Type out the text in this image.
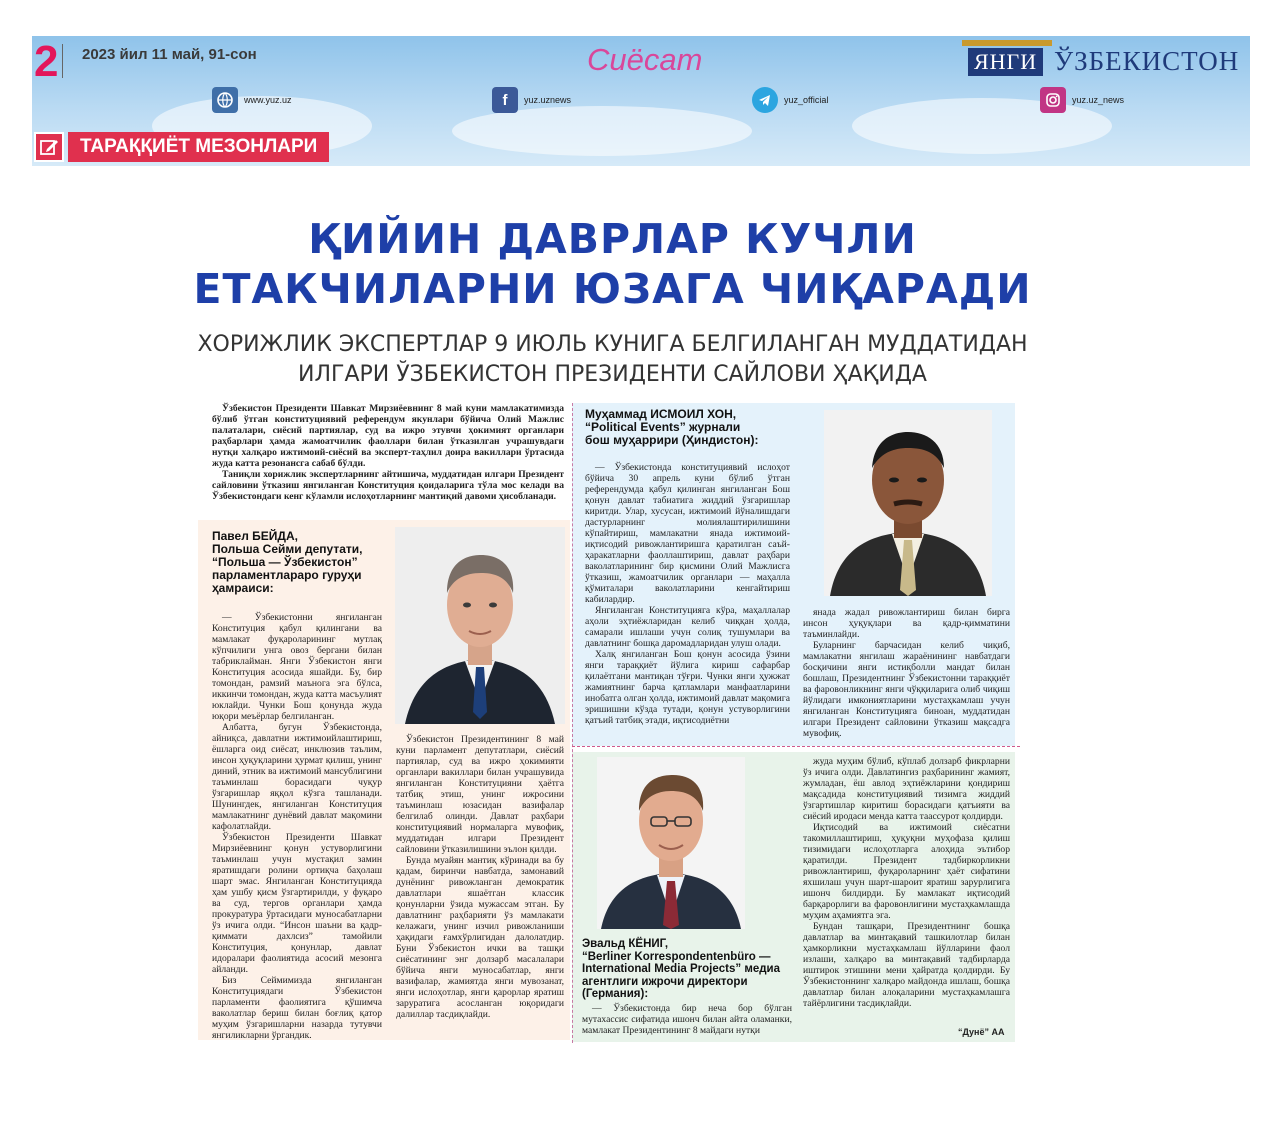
2 2023 йил 11 май, 91-сон	Сиёсат	ЯНГИ ЎЗБЕКИСТОН
www.yuz.uz	f	yuz.uznews	yuz_official	yuz.uz_news
ТАРАҚҚИЁТ МЕЗОНЛАРИ
ҚИЙИН ДАВРЛАР КУЧЛИ
ЕТАКЧИЛАРНИ ЮЗАГА ЧИҚАРАДИ
ХОРИЖЛИК ЭКСПЕРТЛАР 9 ИЮЛЬ КУНИГА БЕЛГИЛАНГАН МУДДАТИДАН
ИЛГАРИ ЎЗБЕКИСТОН ПРЕЗИДЕНТИ САЙЛОВИ ҲАҚИДА

Ўзбекистон Президенти Шавкат Мирзиёевнинг 8 май куни мамлакатимизда бўлиб ўтган конституциявий референдум якунлари бўйича Олий Мажлис палаталари, сиёсий партиялар, суд ва ижро этувчи ҳокимият органлари раҳбарлари ҳамда жамоатчилик фаоллари билан ўтказилган учрашувдаги нутқи халқаро ижтимоий-сиёсий ва эксперт-таҳлил доира вакиллари ўртасида жуда катта резонансга сабаб бўлди.

Таниқли хорижлик экспертларнинг айтишича, муддатидан илгари Президент сайловини ўтказиш янгиланган Конституция қоидаларига тўла мос келади ва Ўзбекистондаги кенг кўламли ислоҳотларнинг мантиқий давоми ҳисобланади.

Павел БЕЙДА,
Польша Сейми депутати,
“Польша — Ўзбекистон”
парламентлараро гуруҳи
ҳамраиси:

— Ўзбекистонни янгиланган Конституция қабул қилингани ва мамлакат фуқароларининг мутлақ кўпчилиги унга овоз бергани билан табриклайман. Янги Ўзбекистон янги Конституция асосида яшайди. Бу, бир томондан, рамзий маънога эга бўлса, иккинчи томондан, жуда катта масъулият юклайди. Чунки Бош қонунда жуда юқори меъёрлар белгиланган.

Албатта, бугун Ўзбекистонда, айниқса, давлатни ижтимоийлаштириш, ёшларга оид сиёсат, инклюзив таълим, инсон ҳуқуқларини ҳурмат қилиш, унинг диний, этник ва ижтимоий мансублигини таъминлаш борасидаги чуқур ўзгаришлар яққол кўзга ташланади. Шунингдек, янгиланган Конституция мамлакатнинг дунёвий давлат мақомини кафолатлайди.

Ўзбекистон Президенти Шавкат Мирзиёевнинг қонун устуворлигини таъминлаш учун мустақил замин яратишдаги ролини ортиқча баҳолаш шарт эмас. Янгиланган Конституцияда ҳам ушбу қисм ўзгартирилди, у фуқаро ва суд, тергов органлари ҳамда прокуратура ўртасидаги муносабатларни ўз ичига олди. “Инсон шаъни ва қадр-қиммати дахлсиз” тамойили Конституция, қонунлар, давлат идоралари фаолиятида асосий мезонга айланди.

Биз Сеймимизда янгиланган Конституциядаги Ўзбекистон парламенти фаолиятига қўшимча ваколатлар бериш билан боғлиқ қатор муҳим ўзгаришларни назарда тутувчи янгиликларни ўргандик.

Ўзбекистон Президентининг 8 май куни парламент депутатлари, сиёсий партиялар, суд ва ижро ҳокимияти органлари вакиллари билан учрашувида янгиланган Конституцияни ҳаётга татбиқ этиш, унинг ижросини таъминлаш юзасидан вазифалар белгилаб олинди. Давлат раҳбари конституциявий нормаларга мувофиқ, муддатидан илгари Президент сайловини ўтказилишини эълон қилди.

Бунда муайян мантиқ кўринади ва бу қадам, биринчи навбатда, замонавий дунёнинг ривожланган демократик давлатлари яшаётган классик қонунларни ўзида мужассам этган. Бу давлатнинг раҳбарияти ўз мамлакати келажаги, унинг изчил ривожланиши ҳақидаги ғамхўрлигидан далолатдир. Буни Ўзбекистон ички ва ташқи сиёсатининг энг долзарб масалалари бўйича янги муносабатлар, янги вазифалар, жамиятда янги мувозанат, янги ислоҳотлар, янги қарорлар яратиш заруратига асосланган юқоридаги далиллар тасдиқлайди.

Муҳаммад ИСМОИЛ ХОН,
“Political Events” журнали
бош муҳаррири (Ҳиндистон):

— Ўзбекистонда конституциявий ислоҳот бўйича 30 апрель куни бўлиб ўтган референдумда қабул қилинган янгиланган Бош қонун давлат табиатига жиддий ўзгаришлар киритди. Улар, хусусан, ижтимоий йўналишдаги дастурларнинг молиялаштирилишини кўпайтириш, мамлакатни янада ижтимоий-иқтисодий ривожлантиришга қаратилган саъй-ҳаракатларни фаоллаштириш, давлат раҳбари ваколатларининг бир қисмини Олий Мажлисга ўтказиш, жамоатчилик органлари — маҳалла қўмиталари ваколатларини кенгайтириш кабилардир.

Янгиланган Конституцияга кўра, маҳаллалар аҳоли эҳтиёжларидан келиб чиққан ҳолда, самарали ишлаши учун солиқ тушумлари ва давлатнинг бошқа даромадларидан улуш олади.

Халқ янгиланган Бош қонун асосида ўзини янги тараққиёт йўлига кириш сафарбар қилаётгани мантиқан тўғри. Чунки янги ҳужжат жамиятнинг барча қатламлари манфаатларини инобатга олган ҳолда, ижтимоий давлат мақомига эришишни кўзда тутади, қонун устуворлигини қатъий татбиқ этади, иқтисодиётни

янада жадал ривожлантириш билан бирга инсон ҳуқуқлари ва қадр-қимматини таъминлайди.

Буларнинг барчасидан келиб чиқиб, мамлакатни янгилаш жараёнининг навбатдаги босқичини янги истиқболли мандат билан бошлаш, Президентнинг Ўзбекистонни тараққиёт ва фаровонликнинг янги чўққиларига олиб чиқиш йўлидаги имкониятларини мустаҳкамлаш учун янгиланган Конституцияга биноан, муддатидан илгари Президент сайловини ўтказиш мақсадга мувофиқ.

Эвальд КЁНИГ,
“Berliner Korrespondentenbüro —
International Media Projects” медиа
агентлиги ижрочи директори
(Германия):

— Ўзбекистонда бир неча бор бўлган мутахассис сифатида ишонч билан айта оламанки, мамлакат Президентининг 8 майдаги нутқи

жуда муҳим бўлиб, кўплаб долзарб фикрларни ўз ичига олди. Давлатингиз раҳбарининг жамият, жумладан, ёш авлод эҳтиёжларини қондириш мақсадида конституциявий тизимга жиддий ўзгартишлар киритиш борасидаги қатъияти ва сиёсий иродаси менда катта таассурот қолдирди.

Иқтисодий ва ижтимоий сиёсатни такомиллаштириш, ҳуқуқни муҳофаза қилиш тизимидаги ислоҳотларга алоҳида эътибор қаратилди. Президент тадбиркорликни ривожлантириш, фуқароларнинг ҳаёт сифатини яхшилаш учун шарт-шароит яратиш зарурлигига ишонч билдирди. Бу мамлакат иқтисодий барқарорлиги ва фаровонлигини мустаҳкамлашда муҳим аҳамиятга эга.

Бундан ташқари, Президентнинг бошқа давлатлар ва минтақавий ташкилотлар билан ҳамкорликни мустаҳкамлаш йўлларини фаол излаши, халқаро ва минтақавий тадбирларда иштирок этишини мени ҳайратда қолдирди. Бу Ўзбекистоннинг халқаро майдонда ишлаш, бошқа давлатлар билан алоқаларини мустаҳкамлашга тайёрлигини тасдиқлайди.

“Дунё” АА
